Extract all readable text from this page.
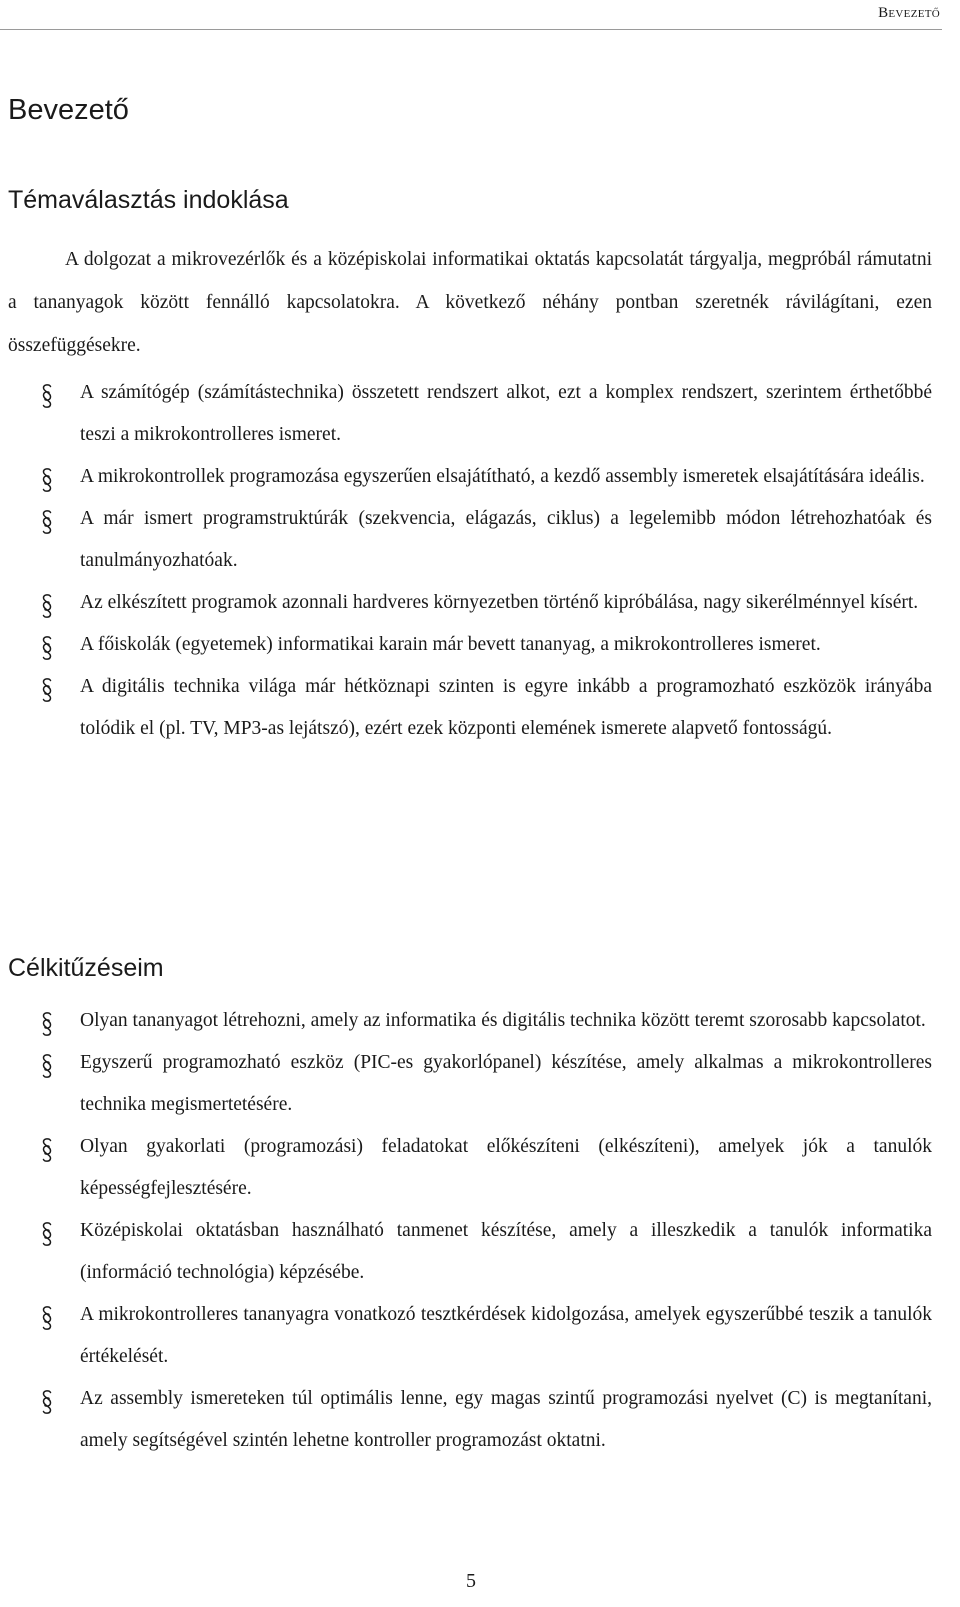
Bevezető
Bevezető
Témaválasztás indoklása

A dolgozat a mikrovezérlők és a középiskolai informatikai oktatás kapcsolatát tárgyalja, megpróbál rámutatni a tananyagok között fennálló kapcsolatokra. A következő néhány pontban szeretnék rávilágítani, ezen összefüggésekre.

A számítógép (számítástechnika) összetett rendszert alkot, ezt a komplex rendszert, szerintem érthetőbbé teszi a mikrokontrolleres ismeret.
A mikrokontrollek programozása egyszerűen elsajátítható, a kezdő assembly ismeretek elsajátítására ideális.
A már ismert programstruktúrák (szekvencia, elágazás, ciklus) a legelemibb módon létrehozhatóak és tanulmányozhatóak.
Az elkészített programok azonnali hardveres környezetben történő kipróbálása, nagy sikerélménnyel kísért.
A főiskolák (egyetemek) informatikai karain már bevett tananyag, a mikrokontrolleres ismeret.
A digitális technika világa már hétköznapi szinten is egyre inkább a programozható eszközök irányába tolódik el (pl. TV, MP3-as lejátszó), ezért ezek központi elemének ismerete alapvető fontosságú.
Célkitűzéseim
Olyan tananyagot létrehozni, amely az informatika és digitális technika között teremt szorosabb kapcsolatot.
Egyszerű programozható eszköz (PIC-es gyakorlópanel) készítése, amely alkalmas a mikrokontrolleres technika megismertetésére.
Olyan gyakorlati (programozási) feladatokat előkészíteni (elkészíteni), amelyek jók a tanulók képességfejlesztésére.
Középiskolai oktatásban használható tanmenet készítése, amely a illeszkedik a tanulók informatika (információ technológia) képzésébe.
A mikrokontrolleres tananyagra vonatkozó tesztkérdések kidolgozása, amelyek egyszerűbbé teszik a tanulók értékelését.
Az assembly ismereteken túl optimális lenne, egy magas szintű programozási nyelvet (C) is megtanítani, amely segítségével szintén lehetne kontroller programozást oktatni.
5
